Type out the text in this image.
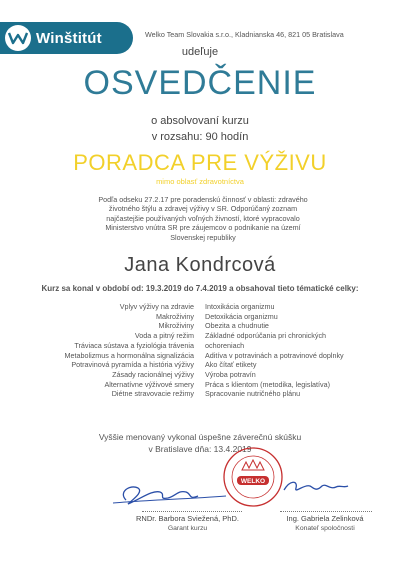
Winštitút	Welko Team Slovakia s.r.o., Kladnianska 46, 821 05 Bratislava
udeľuje
OSVEDČENIE
o absolvovaní kurzu
v rozsahu: 90 hodín
PORADCA PRE VÝŽIVU
mimo oblasť zdravotníctva
Podľa odseku 27.2.17 pre poradenskú činnosť v oblasti: zdravého životného štýlu a zdravej výživy v SR. Odporúčaný zoznam najčastejšie používaných voľných živností, ktoré vypracovalo Ministerstvo vnútra SR pre záujemcov o podnikanie na území Slovenskej republiky
Jana Kondrcová
Kurz sa konal v období od: 19.3.2019 do 7.4.2019 a obsahoval tieto tématické celky:
Vplyv výživy na zdravie
Makroživiny
Mikroživiny
Voda a pitný režim
Tráviaca sústava a fyziológia trávenia
Metabolizmus a hormonálna signalizácia
Potravinová pyramída a história výživy
Zásady racionálnej výživy
Alternatívne výživové smery
Diétne stravovacie režimy
Intoxikácia organizmu
Detoxikácia organizmu
Obezita a chudnutie
Základné odporúčania pri chronických
ochoreniach
Aditíva v potravinách a potravinové doplnky
Ako čítať etikety
Výroba potravín
Práca s klientom (metodika, legislatíva)
Spracovanie nutričného plánu
Vyššie menovaný vykonal úspešne záverečnú skúšku
v Bratislave dňa: 13.4.2019
WELKO
RNDr. Barbora Sviežená, PhD.
Garant kurzu
Ing. Gabriela Zelinková
Konateľ spoločnosti
